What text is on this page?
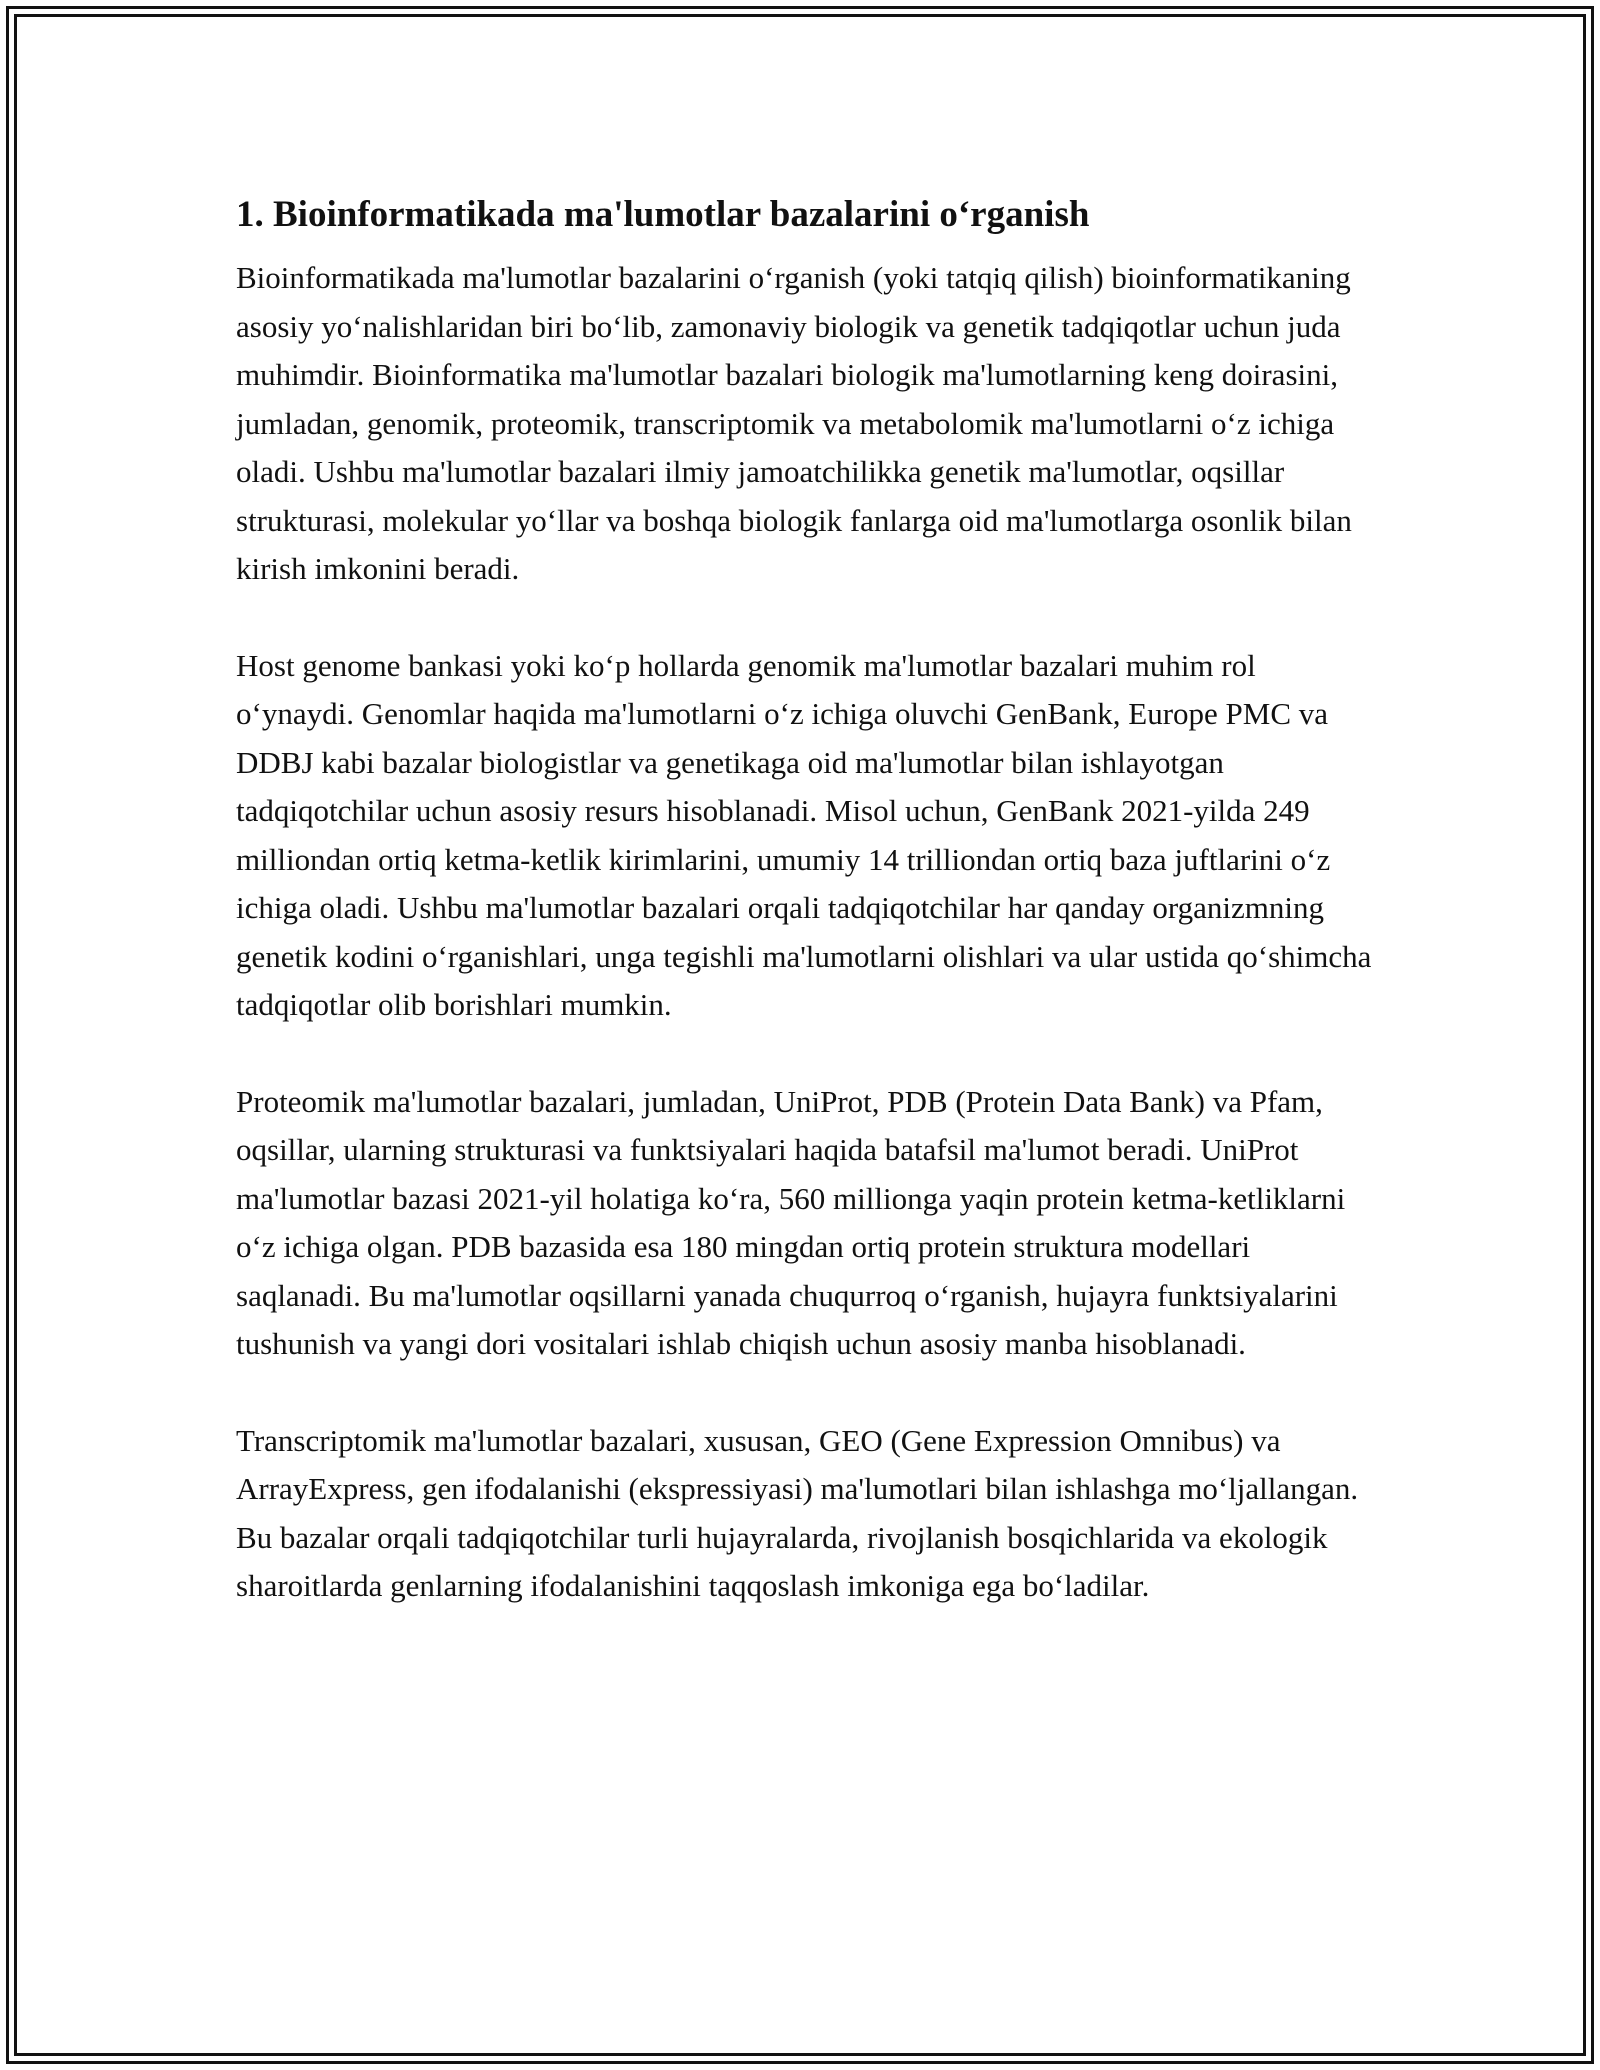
1. Bioinformatikada ma'lumotlar bazalarini o‘rganish

Bioinformatikada ma'lumotlar bazalarini o‘rganish (yoki tatqiq qilish) bioinformatikaning asosiy yo‘nalishlaridan biri bo‘lib, zamonaviy biologik va genetik tadqiqotlar uchun juda muhimdir. Bioinformatika ma'lumotlar bazalari biologik ma'lumotlarning keng doirasini, jumladan, genomik, proteomik, transcriptomik va metabolomik ma'lumotlarni o‘z ichiga oladi. Ushbu ma'lumotlar bazalari ilmiy jamoatchilikka genetik ma'lumotlar, oqsillar strukturasi, molekular yo‘llar va boshqa biologik fanlarga oid ma'lumotlarga osonlik bilan kirish imkonini beradi.

Host genome bankasi yoki ko‘p hollarda genomik ma'lumotlar bazalari muhim rol o‘ynaydi. Genomlar haqida ma'lumotlarni o‘z ichiga oluvchi GenBank, Europe PMC va DDBJ kabi bazalar biologistlar va genetikaga oid ma'lumotlar bilan ishlayotgan tadqiqotchilar uchun asosiy resurs hisoblanadi. Misol uchun, GenBank 2021-yilda 249 milliondan ortiq ketma-ketlik kirimlarini, umumiy 14 trilliondan ortiq baza juftlarini o‘z ichiga oladi. Ushbu ma'lumotlar bazalari orqali tadqiqotchilar har qanday organizmning genetik kodini o‘rganishlari, unga tegishli ma'lumotlarni olishlari va ular ustida qo‘shimcha tadqiqotlar olib borishlari mumkin.

Proteomik ma'lumotlar bazalari, jumladan, UniProt, PDB (Protein Data Bank) va Pfam, oqsillar, ularning strukturasi va funktsiyalari haqida batafsil ma'lumot beradi. UniProt ma'lumotlar bazasi 2021-yil holatiga ko‘ra, 560 millionga yaqin protein ketma-ketliklarni o‘z ichiga olgan. PDB bazasida esa 180 mingdan ortiq protein struktura modellari saqlanadi. Bu ma'lumotlar oqsillarni yanada chuqurroq o‘rganish, hujayra funktsiyalarini tushunish va yangi dori vositalari ishlab chiqish uchun asosiy manba hisoblanadi.

Transcriptomik ma'lumotlar bazalari, xususan, GEO (Gene Expression Omnibus) va ArrayExpress, gen ifodalanishi (ekspressiyasi) ma'lumotlari bilan ishlashga mo‘ljallangan. Bu bazalar orqali tadqiqotchilar turli hujayralarda, rivojlanish bosqichlarida va ekologik sharoitlarda genlarning ifodalanishini taqqoslash imkoniga ega bo‘ladilar.
